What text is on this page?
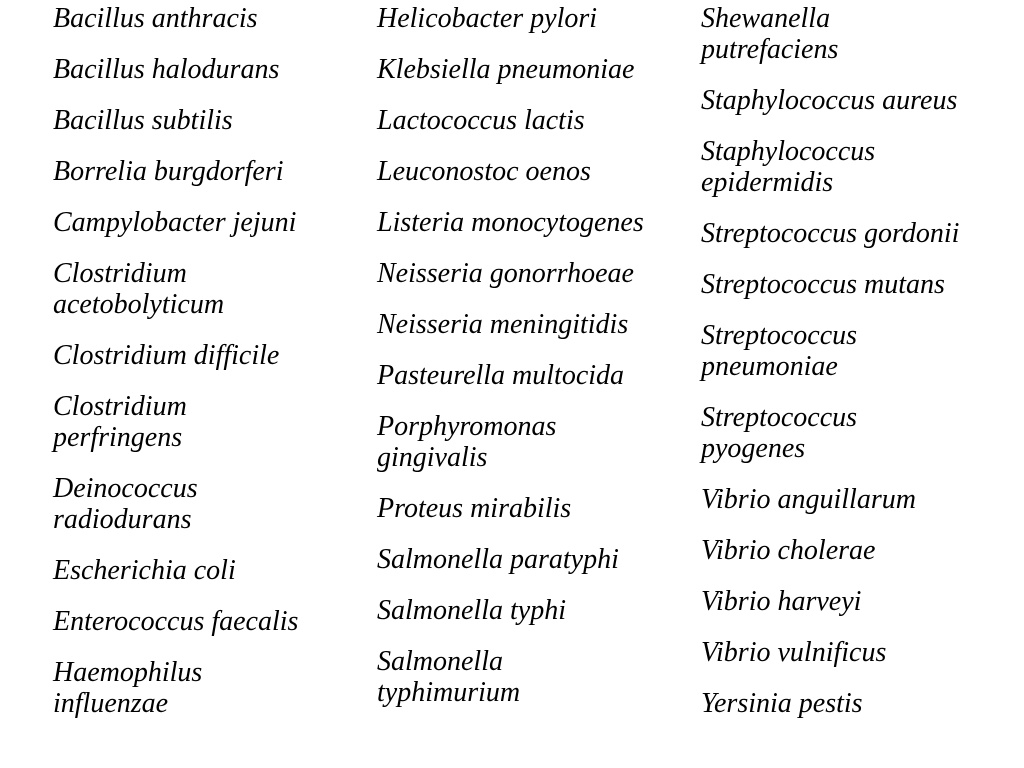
Bacillus anthracis
Bacillus halodurans
Bacillus subtilis
Borrelia burgdorferi
Campylobacter jejuni
Clostridium
acetobolyticum
Clostridium difficile
Clostridium
perfringens
Deinococcus
radiodurans
Escherichia coli
Enterococcus faecalis
Haemophilus
influenzae
Helicobacter pylori
Klebsiella pneumoniae
Lactococcus lactis
Leuconostoc oenos
Listeria monocytogenes
Neisseria gonorrhoeae
Neisseria meningitidis
Pasteurella multocida
Porphyromonas
gingivalis
Proteus mirabilis
Salmonella paratyphi
Salmonella typhi
Salmonella
typhimurium
Shewanella
putrefaciens
Staphylococcus aureus
Staphylococcus
epidermidis
Streptococcus gordonii
Streptococcus mutans
Streptococcus
pneumoniae
Streptococcus
pyogenes
Vibrio anguillarum
Vibrio cholerae
Vibrio harveyi
Vibrio vulnificus
Yersinia pestis
